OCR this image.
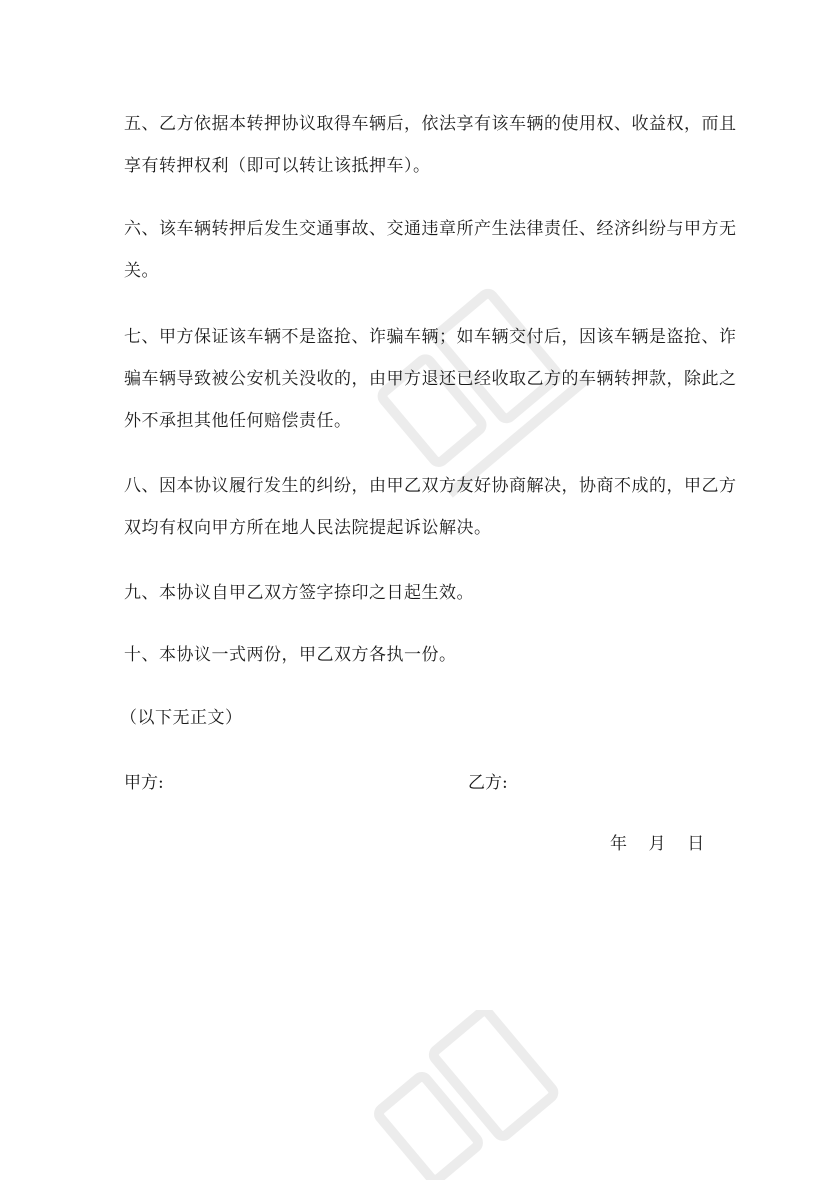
五、乙方依据本转押协议取得车辆后，依法享有该车辆的使用权、收益权，而且
享有转押权利（即可以转让该抵押车）。
六、该车辆转押后发生交通事故、交通违章所产生法律责任、经济纠纷与甲方无
关。
七、甲方保证该车辆不是盗抢、诈骗车辆；如车辆交付后，因该车辆是盗抢、诈
骗车辆导致被公安机关没收的，由甲方退还已经收取乙方的车辆转押款，除此之
外不承担其他任何赔偿责任。
八、因本协议履行发生的纠纷，由甲乙双方友好协商解决，协商不成的，甲乙方
双均有权向甲方所在地人民法院提起诉讼解决。
九、本协议自甲乙双方签字捺印之日起生效。
十、本协议一式两份，甲乙双方各执一份。
（以下无正文）
甲方:	乙方:
年    月    日
